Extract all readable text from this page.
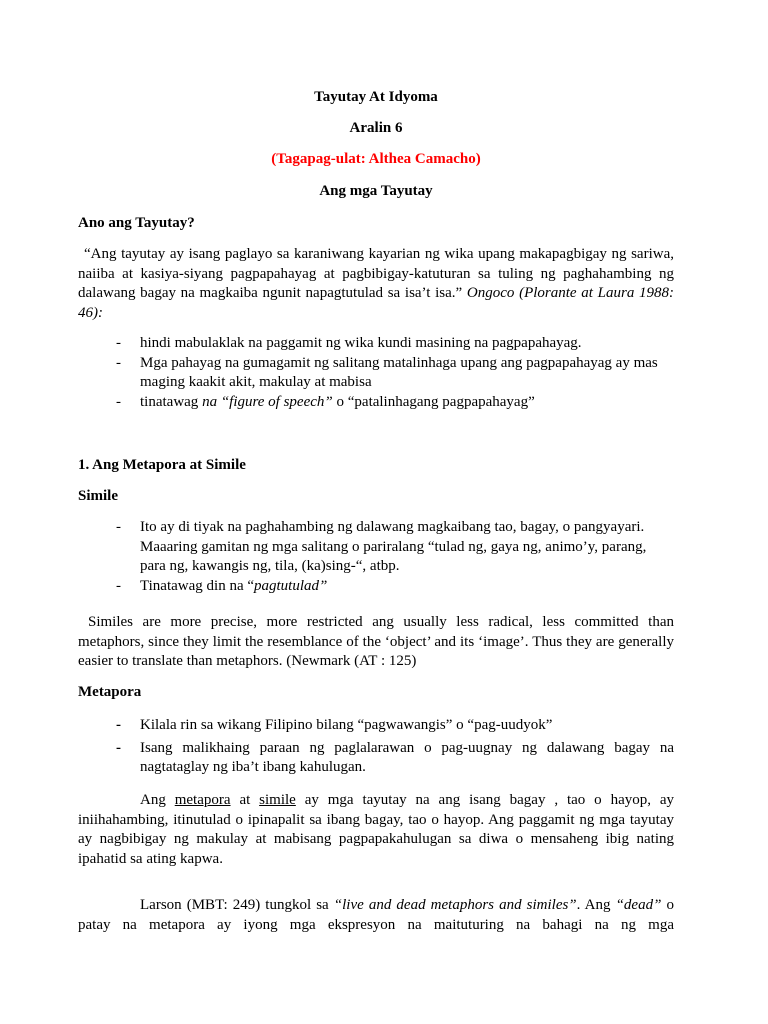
Tayutay At Idyoma
Aralin 6
(Tagapag-ulat: Althea Camacho)
Ang mga Tayutay
Ano ang Tayutay?
“Ang tayutay ay isang paglayo sa karaniwang kayarian ng wika upang makapagbigay ng sariwa, naiiba at kasiya-siyang pagpapahayag at pagbibigay-katuturan sa tuling ng paghahambing ng dalawang bagay na magkaiba ngunit napagtutulad sa isa’t isa.” Ongoco (Plorante at Laura 1988: 46):
- hindi mabulaklak na paggamit ng wika kundi masining na pagpapahayag.
- Mga pahayag na gumagamit ng salitang matalinhaga upang ang pagpapahayag ay mas maging kaakit akit, makulay at mabisa
- tinatawag na “figure of speech” o “patalinhagang pagpapahayag”
1. Ang Metapora at Simile
Simile
- Ito ay di tiyak na paghahambing ng dalawang magkaibang tao, bagay, o pangyayari. Maaaring gamitan ng mga salitang o pariralang “tulad ng, gaya ng, animo’y, parang, para ng, kawangis ng, tila, (ka)sing-“, atbp.
- Tinatawag din na “pagtutulad”
Similes are more precise, more restricted ang usually less radical, less committed than metaphors, since they limit the resemblance of the ‘object’ and its ‘image’. Thus they are generally easier to translate than metaphors. (Newmark (AT : 125)
Metapora
- Kilala rin sa wikang Filipino bilang “pagwawangis” o “pag-uudyok”
- Isang malikhaing paraan ng paglalarawan o pag-uugnay ng dalawang bagay na nagtataglay ng iba’t ibang kahulugan.
Ang metapora at simile ay mga tayutay na ang isang bagay , tao o hayop, ay iniihahambing, itinutulad o ipinapalit sa ibang bagay, tao o hayop. Ang paggamit ng mga tayutay ay nagbibigay ng makulay at mabisang pagpapakahulugan sa diwa o mensaheng ibig nating ipahatid sa ating kapwa.
Larson (MBT: 249) tungkol sa “live and dead metaphors and similes”. Ang “dead” o
patay na metapora ay iyong mga ekspresyon na maituturing na bahagi na ng mga
